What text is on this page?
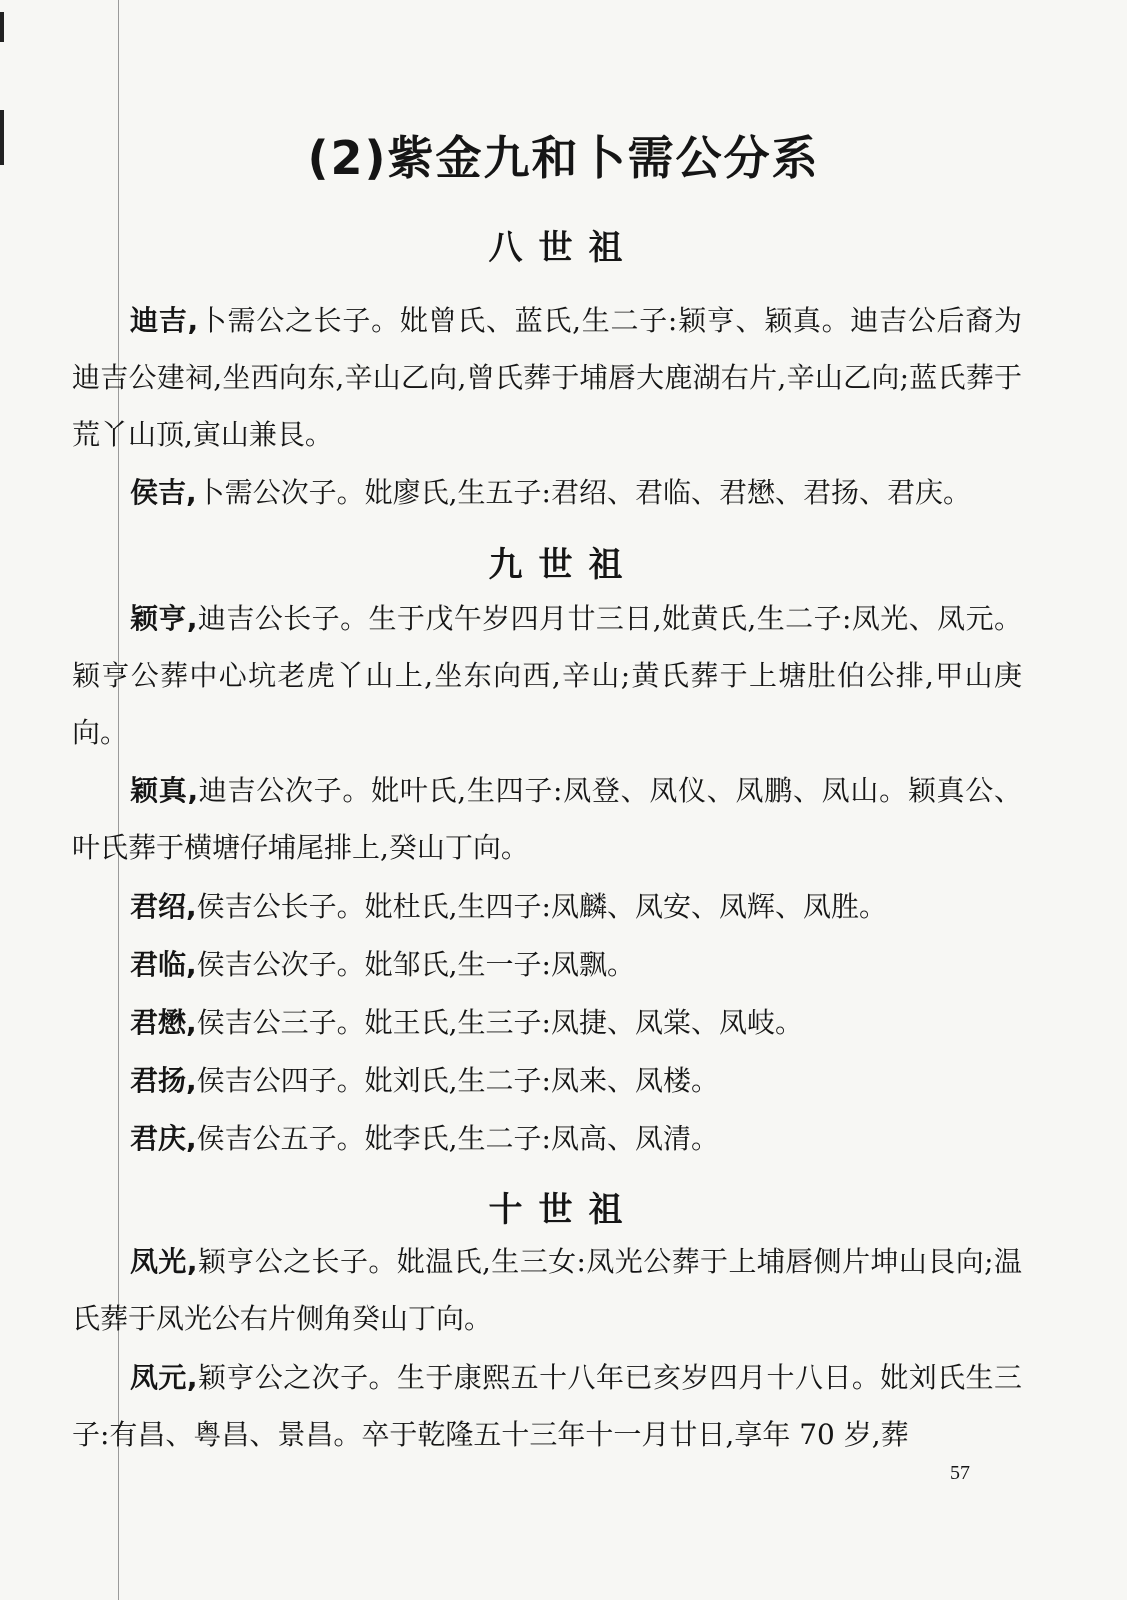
(2)紫金九和卜需公分系
八世祖
迪吉,卜需公之长子。妣曾氏、蓝氏,生二子:颖亨、颖真。迪吉公后裔为迪吉公建祠,坐西向东,辛山乙向,曾氏葬于埔唇大鹿湖右片,辛山乙向;蓝氏葬于荒丫山顶,寅山兼艮。
侯吉,卜需公次子。妣廖氏,生五子:君绍、君临、君懋、君扬、君庆。
九世祖
颖亨,迪吉公长子。生于戊午岁四月廿三日,妣黄氏,生二子:凤光、凤元。颖亨公葬中心坑老虎丫山上,坐东向西,辛山;黄氏葬于上塘肚伯公排,甲山庚向。
颖真,迪吉公次子。妣叶氏,生四子:凤登、凤仪、凤鹏、凤山。颖真公、叶氏葬于横塘仔埔尾排上,癸山丁向。
君绍,侯吉公长子。妣杜氏,生四子:凤麟、凤安、凤辉、凤胜。
君临,侯吉公次子。妣邹氏,生一子:凤飘。
君懋,侯吉公三子。妣王氏,生三子:凤捷、凤棠、凤岐。
君扬,侯吉公四子。妣刘氏,生二子:凤来、凤楼。
君庆,侯吉公五子。妣李氏,生二子:凤高、凤清。
十世祖
凤光,颖亨公之长子。妣温氏,生三女:凤光公葬于上埔唇侧片坤山艮向;温氏葬于凤光公右片侧角癸山丁向。
凤元,颖亨公之次子。生于康熙五十八年已亥岁四月十八日。妣刘氏生三子:有昌、粤昌、景昌。卒于乾隆五十三年十一月廿日,享年 70 岁,葬
57
